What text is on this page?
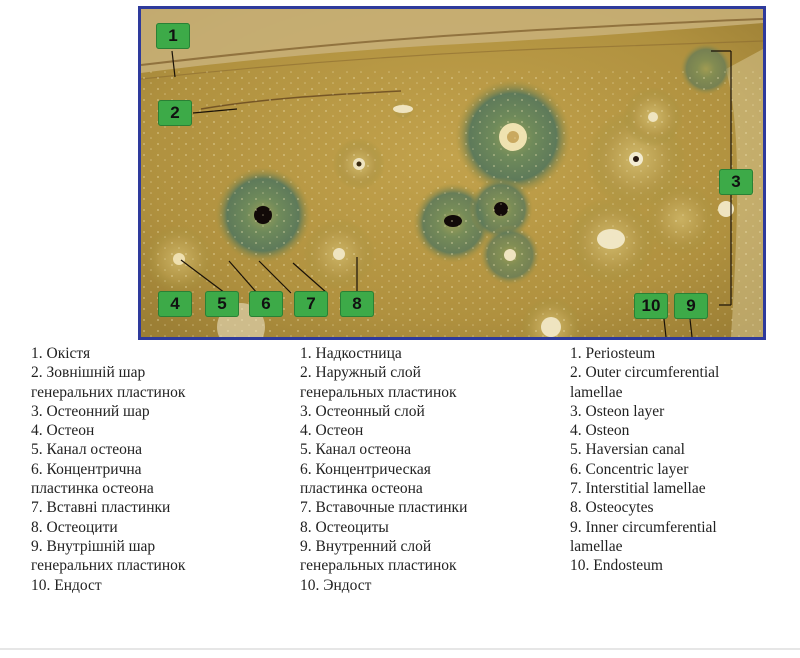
1
2
3
4	5	6	7	8	10	9
1. Окістя
2. Зовнішній шар
генеральних пластинок
3. Остеонний шар
4. Остеон
5. Канал остеона
6. Концентрична
пластинка остеона
7. Вставні пластинки
8. Остеоцити
9. Внутрішній шар
генеральних пластинок
10. Ендост
1. Надкостница
2. Наружный слой
генеральных пластинок
3. Остеонный слой
4. Остеон
5. Канал остеона
6. Концентрическая
пластинка остеона
7. Вставочные пластинки
8. Остеоциты
9. Внутренний слой
генеральных пластинок
10. Эндост
1. Periosteum
2. Outer circumferential
lamellae
3. Osteon layer
4. Osteon
5. Haversian canal
6. Concentric layer
7. Interstitial lamellae
8. Osteocytes
9. Inner circumferential
lamellae
10. Endosteum
